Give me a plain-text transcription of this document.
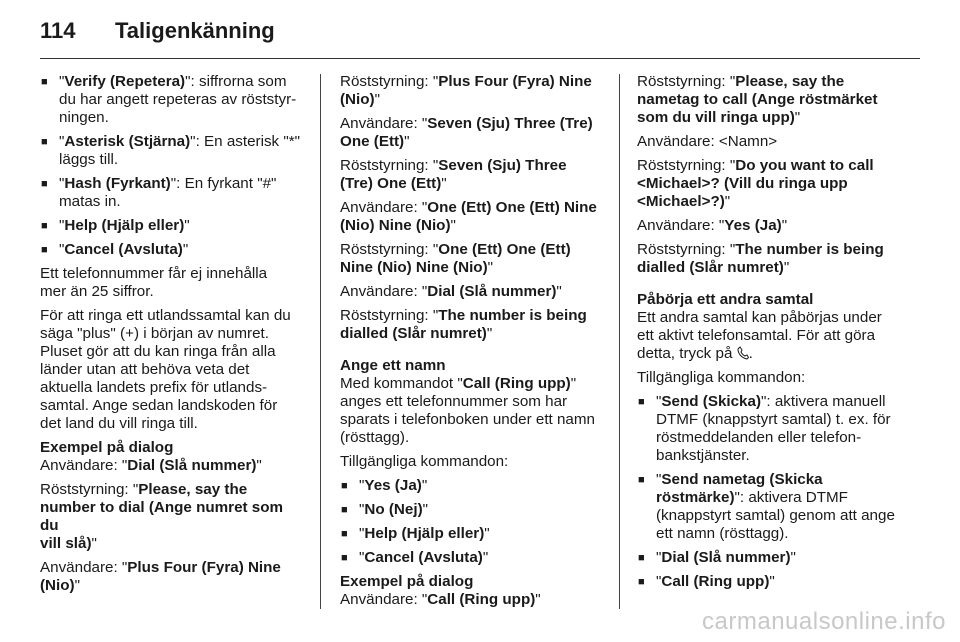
114 Taligenkänning
■ "Verify (Repetera)": siffrorna som
du har angett repeteras av röststyr-
ningen.
■ "Asterisk (Stjärna)": En asterisk "*"
läggs till.
■ "Hash (Fyrkant)": En fyrkant "#"
matas in.
■ "Help (Hjälp eller)"
■ "Cancel (Avsluta)"

Ett telefonnummer får ej innehålla
mer än 25 siffror.

För att ringa ett utlandssamtal kan du
säga "plus" (+) i början av numret.
Pluset gör att du kan ringa från alla
länder utan att behöva veta det
aktuella landets prefix för utlands-
samtal. Ange sedan landskoden för
det land du vill ringa till.

Exempel på dialog

Användare: "Dial (Slå nummer)"

Röststyrning: "Please, say the
number to dial (Ange numret som du
vill slå)"

Användare: "Plus Four (Fyra) Nine
(Nio)"

Röststyrning: "Plus Four (Fyra) Nine
(Nio)"

Användare: "Seven (Sju) Three (Tre)
One (Ett)"

Röststyrning: "Seven (Sju) Three
(Tre) One (Ett)"

Användare: "One (Ett) One (Ett) Nine
(Nio) Nine (Nio)"

Röststyrning: "One (Ett) One (Ett)
Nine (Nio) Nine (Nio)"

Användare: "Dial (Slå nummer)"

Röststyrning: "The number is being
dialled (Slår numret)"

Ange ett namn

Med kommandot "Call (Ring upp)"
anges ett telefonnummer som har
sparats i telefonboken under ett namn
(rösttagg).

Tillgängliga kommandon:

■ "Yes (Ja)"
■ "No (Nej)"
■ "Help (Hjälp eller)"
■ "Cancel (Avsluta)"
Exempel på dialog

Användare: "Call (Ring upp)"

Röststyrning: "Please, say the
nametag to call (Ange röstmärket
som du vill ringa upp)"

Användare: <Namn>

Röststyrning: "Do you want to call
<Michael>? (Vill du ringa upp
<Michael>?)"

Användare: "Yes (Ja)"

Röststyrning: "The number is being
dialled (Slår numret)"

Påbörja ett andra samtal

Ett andra samtal kan påbörjas under
ett aktivt telefonsamtal. För att göra
detta, tryck på .

Tillgängliga kommandon:

■ "Send (Skicka)": aktivera manuell
DTMF (knappstyrt samtal) t. ex. för
röstmeddelanden eller telefon-
bankstjänster.
■ "Send nametag (Skicka
röstmärke)": aktivera DTMF
(knappstyrt samtal) genom att ange
ett namn (rösttagg).
■ "Dial (Slå nummer)"
■ "Call (Ring upp)"
carmanualsonline.info
